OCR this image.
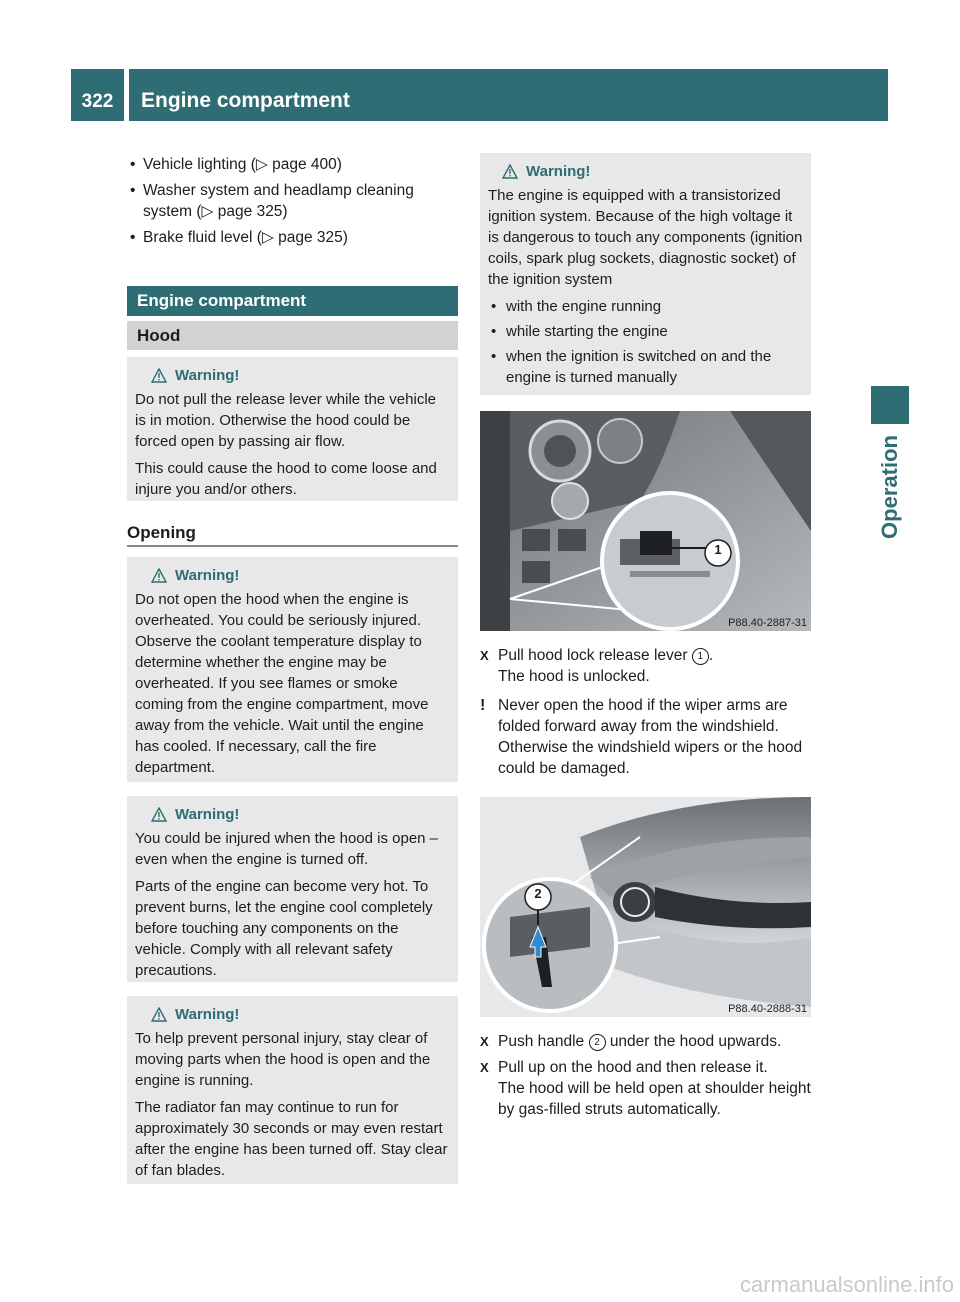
322 Engine compartment
Operation
• Vehicle lighting (▷ page 400)
• Washer system and headlamp cleaning system (▷ page 325)
• Brake fluid level (▷ page 325)
Engine compartment
Hood
Warning!

Do not pull the release lever while the vehicle is in motion. Otherwise the hood could be forced open by passing air flow.

This could cause the hood to come loose and injure you and/or others.

Opening
Warning!

Do not open the hood when the engine is overheated. You could be seriously injured. Observe the coolant temperature display to determine whether the engine may be overheated. If you see flames or smoke coming from the engine compartment, move away from the vehicle. Wait until the engine has cooled. If necessary, call the fire department.

Warning!

You could be injured when the hood is open – even when the engine is turned off.

Parts of the engine can become very hot. To prevent burns, let the engine cool completely before touching any components on the vehicle. Comply with all relevant safety precautions.

Warning!

To help prevent personal injury, stay clear of moving parts when the hood is open and the engine is running.

The radiator fan may continue to run for approximately 30 seconds or may even restart after the engine has been turned off. Stay clear of fan blades.

Warning!

The engine is equipped with a transistorized ignition system. Because of the high voltage it is dangerous to touch any components (ignition coils, spark plug sockets, diagnostic socket) of the ignition system

• with the engine running
• while starting the engine
• when the ignition is switched on and the engine is turned manually
1
P88.40-2887-31
X Pull hood lock release lever 1 .
The hood is unlocked.
! Never open the hood if the wiper arms are folded forward away from the windshield. Otherwise the windshield wipers or the hood could be damaged.
2
P88.40-2888-31
X Push handle 2 under the hood upwards.
X Pull up on the hood and then release it.
The hood will be held open at shoulder height by gas-filled struts automatically.
carmanualsonline.info
